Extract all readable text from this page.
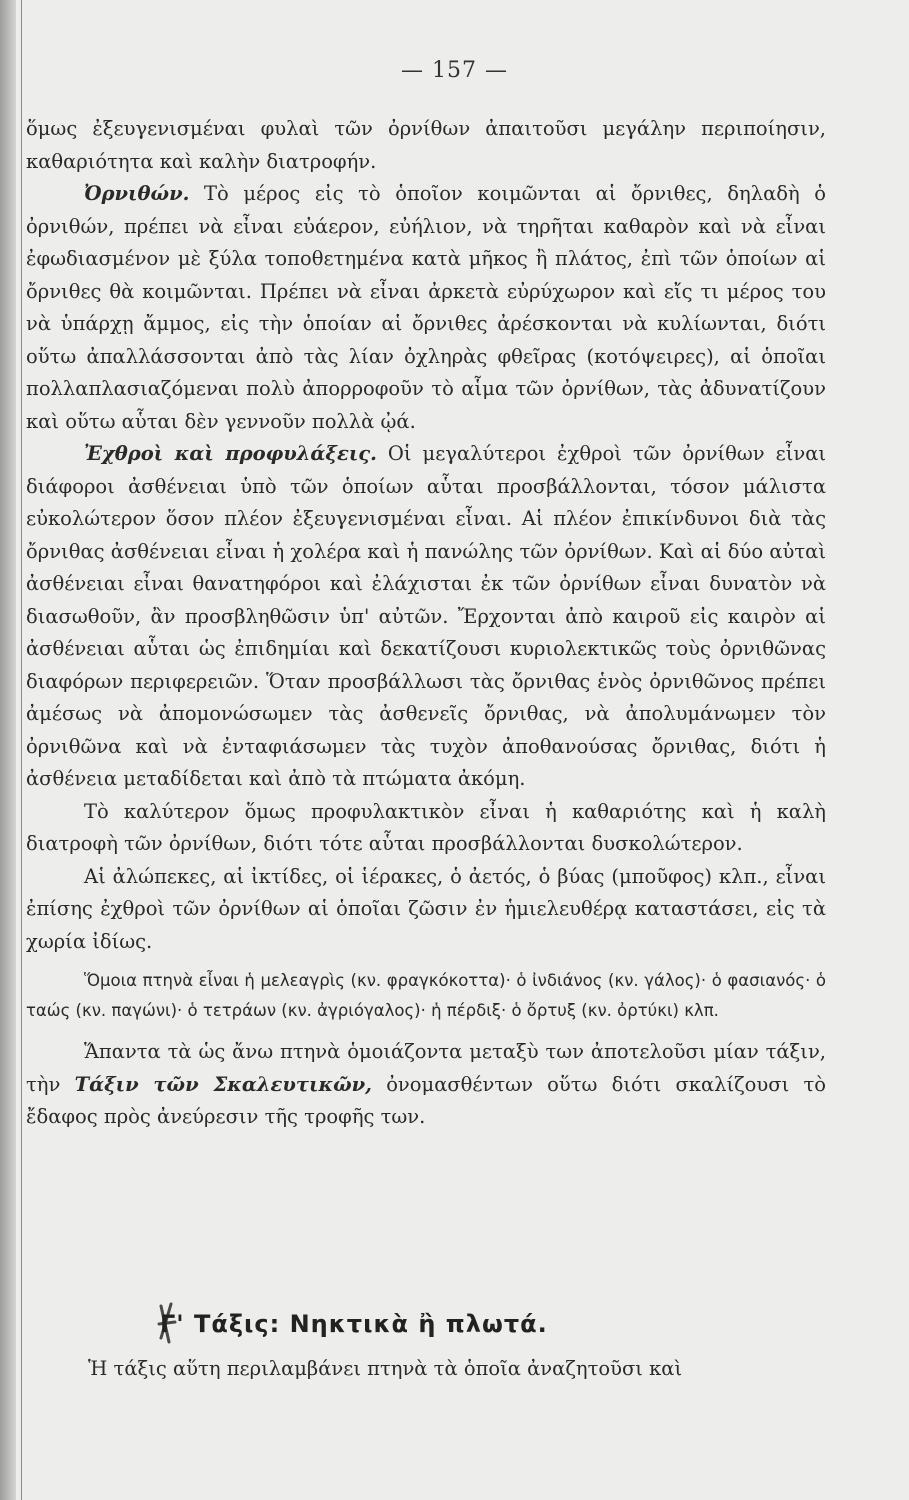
— 157 —

ὅμως ἐξευγενισμέναι φυλαὶ τῶν ὀρνίθων ἀπαιτοῦσι μεγάλην περιποίησιν, καθαριότητα καὶ καλὴν διατροφήν.

Ὀρνιθών. Τὸ μέρος εἰς τὸ ὁποῖον κοιμῶνται αἱ ὄρνιθες, δηλαδὴ ὁ ὀρνιθών, πρέπει νὰ εἶναι εὐάερον, εὐήλιον, νὰ τηρῆται καθαρὸν καὶ νὰ εἶναι ἐφωδιασμένον μὲ ξύλα τοποθετημένα κατὰ μῆκος ἢ πλάτος, ἐπὶ τῶν ὁποίων αἱ ὄρνιθες θὰ κοιμῶνται. Πρέπει νὰ εἶναι ἀρκετὰ εὐρύχωρον καὶ εἴς τι μέρος του νὰ ὑπάρχῃ ἄμμος, εἰς τὴν ὁποίαν αἱ ὄρνιθες ἀρέσκονται νὰ κυλίωνται, διότι οὕτω ἀπαλλάσσονται ἀπὸ τὰς λίαν ὀχληρὰς φθεῖρας (κοτόψειρες), αἱ ὁποῖαι πολλαπλασιαζόμεναι πολὺ ἀπορροφοῦν τὸ αἷμα τῶν ὀρνίθων, τὰς ἀδυνατίζουν καὶ οὕτω αὗται δὲν γεννοῦν πολλὰ ᾠά.

Ἐχθροὶ καὶ προφυλάξεις. Οἱ μεγαλύτεροι ἐχθροὶ τῶν ὀρνίθων εἶναι διάφοροι ἀσθένειαι ὑπὸ τῶν ὁποίων αὗται προσβάλλονται, τόσον μάλιστα εὐκολώτερον ὅσον πλέον ἐξευγενισμέναι εἶναι. Αἱ πλέον ἐπικίνδυνοι διὰ τὰς ὄρνιθας ἀσθένειαι εἶναι ἡ χολέρα καὶ ἡ πανώλης τῶν ὀρνίθων. Καὶ αἱ δύο αὐταὶ ἀσθένειαι εἶναι θανατηφόροι καὶ ἐλάχισται ἐκ τῶν ὀρνίθων εἶναι δυνατὸν νὰ διασωθοῦν, ἂν προσβληθῶσιν ὑπ' αὐτῶν. Ἔρχονται ἀπὸ καιροῦ εἰς καιρὸν αἱ ἀσθένειαι αὗται ὡς ἐπιδημίαι καὶ δεκατίζουσι κυριολεκτικῶς τοὺς ὀρνιθῶνας διαφόρων περιφερειῶν. Ὅταν προσβάλλωσι τὰς ὄρνιθας ἑνὸς ὀρνιθῶνος πρέπει ἀμέσως νὰ ἀπομονώσωμεν τὰς ἀσθενεῖς ὄρνιθας, νὰ ἀπολυμάνωμεν τὸν ὀρνιθῶνα καὶ νὰ ἐνταφιάσωμεν τὰς τυχὸν ἀποθανούσας ὄρνιθας, διότι ἡ ἀσθένεια μεταδίδεται καὶ ἀπὸ τὰ πτώματα ἀκόμη.

Τὸ καλύτερον ὅμως προφυλακτικὸν εἶναι ἡ καθαριότης καὶ ἡ καλὴ διατροφὴ τῶν ὀρνίθων, διότι τότε αὗται προσβάλλονται δυσκολώτερον.

Αἱ ἀλώπεκες, αἱ ἰκτίδες, οἱ ἱέρακες, ὁ ἀετός, ὁ βύας (μποῦφος) κλπ., εἶναι ἐπίσης ἐχθροὶ τῶν ὀρνίθων αἱ ὁποῖαι ζῶσιν ἐν ἡμιελευθέρᾳ καταστάσει, εἰς τὰ χωρία ἰδίως.

Ὅμοια πτηνὰ εἶναι ἡ μελεαγρὶς (κν. φραγκόκοττα)· ὁ ἰνδιάνος (κν. γάλος)· ὁ φασιανός· ὁ ταώς (κν. παγώνι)· ὁ τετράων (κν. ἀγριόγαλος)· ἡ πέρδιξ· ὁ ὄρτυξ (κν. ὀρτύκι) κλπ.

Ἅπαντα τὰ ὡς ἄνω πτηνὰ ὁμοιάζοντα μεταξὺ των ἀποτελοῦσι μίαν τάξιν, τὴν Τάξιν τῶν Σκαλευτικῶν, ὀνομασθέντων οὕτω διότι σκαλίζουσι τὸ ἔδαφος πρὸς ἀνεύρεσιν τῆς τροφῆς των.

Γ' Τάξις: Νηκτικὰ ἢ πλωτά.
Ἡ τάξις αὕτη περιλαμβάνει πτηνὰ τὰ ὁποῖα ἀναζητοῦσι καὶ
